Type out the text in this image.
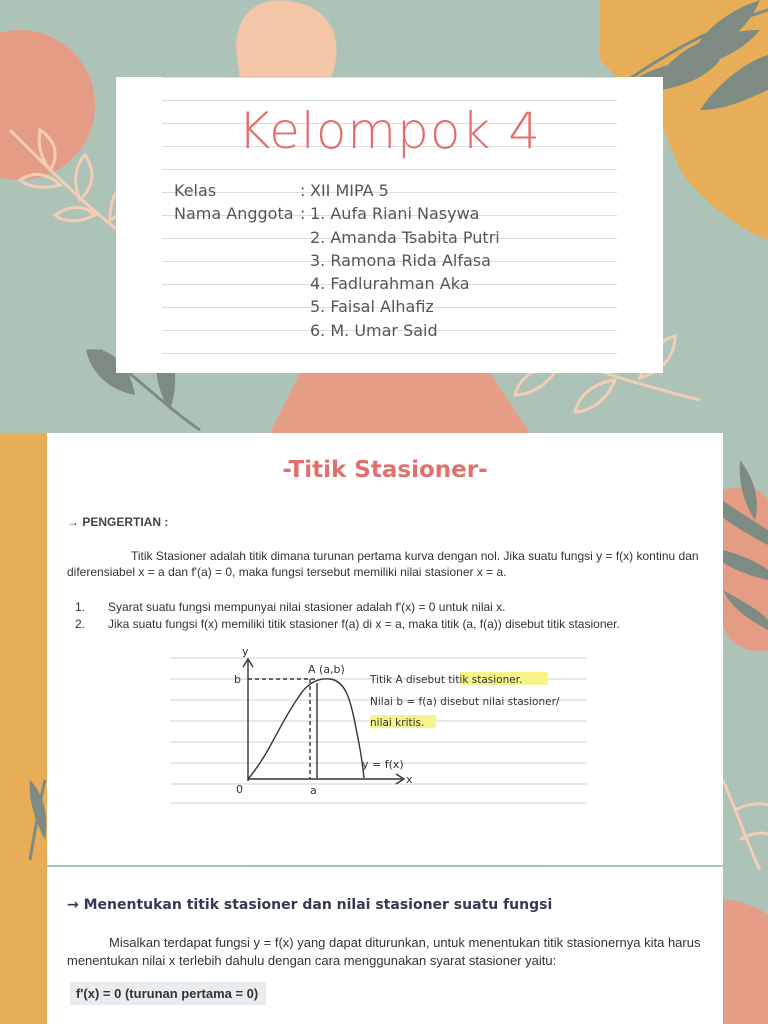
Kelompok 4
Kelas	: XII MIPA 5
Nama Anggota : 1. Aufa Riani Nasywa
2. Amanda Tsabita Putri
3. Ramona Rida Alfasa
4. Fadlurahman Aka
5. Faisal Alhafiz
6. M. Umar Said
-Titik Stasioner-
→ PENGERTIAN :

Titik Stasioner adalah titik dimana turunan pertama kurva dengan nol. Jika suatu fungsi y = f(x) kontinu dan diferensiabel x = a dan f'(a) = 0, maka fungsi tersebut memiliki nilai stasioner x = a.

1.	Syarat suatu fungsi mempunyai nilai stasioner adalah f'(x) = 0 untuk nilai x.
2.	Jika suatu fungsi f(x) memiliki titik stasioner f(a) di x = a, maka titik (a, f(a)) disebut titik stasioner.
y
x
b
0	a
A (a,b)
y = f(x)
Titik A disebut titik stasioner.
Nilai b = f(a) disebut nilai stasioner/
nilai kritis.
→ Menentukan titik stasioner dan nilai stasioner suatu fungsi

Misalkan terdapat fungsi y = f(x) yang dapat diturunkan, untuk menentukan titik stasionernya kita harus menentukan nilai x terlebih dahulu dengan cara menggunakan syarat stasioner yaitu:

f'(x) = 0 (turunan pertama = 0)
